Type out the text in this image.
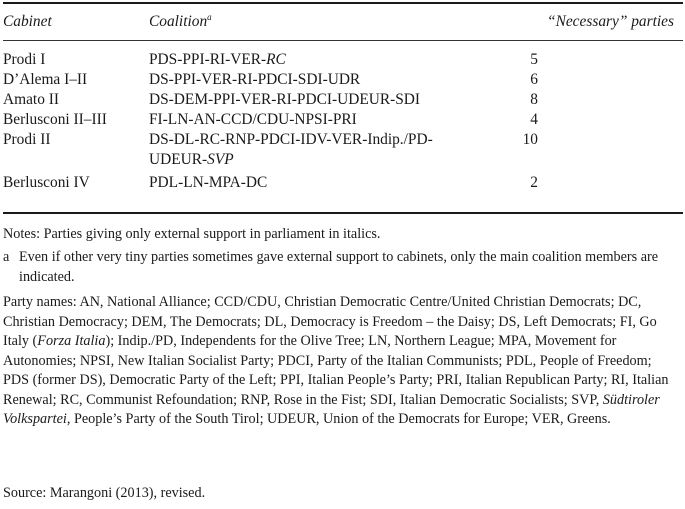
Cabinet	Coalition$^a$	“Necessary” parties
Prodi I	PDS-PPI-RI-VER-RC	5
D’Alema I–II	DS-PPI-VER-RI-PDCI-SDI-UDR	6
Amato II	DS-DEM-PPI-VER-RI-PDCI-UDEUR-SDI	8
Berlusconi II–III	FI-LN-AN-CCD/CDU-NPSI-PRI	4
Prodi II	DS-DL-RC-RNP-PDCI-IDV-VER-Indip./PD-	10
UDEUR-SVP
Berlusconi IV	PDL-LN-MPA-DC	2
Notes: Parties giving only external support in parliament in italics.
a Even if other very tiny parties sometimes gave external support to cabinets, only the main coalition members are indicated.
Party names: AN, National Alliance; CCD/CDU, Christian Democratic Centre/United Christian Democrats; DC, Christian Democracy; DEM, The Democrats; DL, Democracy is Freedom – the Daisy; DS, Left Democrats; FI, Go Italy (Forza Italia); Indip./PD, Independents for the Olive Tree; LN, Northern League; MPA, Movement for Autonomies; NPSI, New Italian Socialist Party; PDCI, Party of the Italian Communists; PDL, People of Freedom; PDS (former DS), Democratic Party of the Left; PPI, Italian People’s Party; PRI, Italian Republican Party; RI, Italian Renewal; RC, Communist Refoundation; RNP, Rose in the Fist; SDI, Italian Democratic Socialists; SVP, Südtiroler Volkspartei, People’s Party of the South Tirol; UDEUR, Union of the Democrats for Europe; VER, Greens.
Source: Marangoni (2013), revised.
